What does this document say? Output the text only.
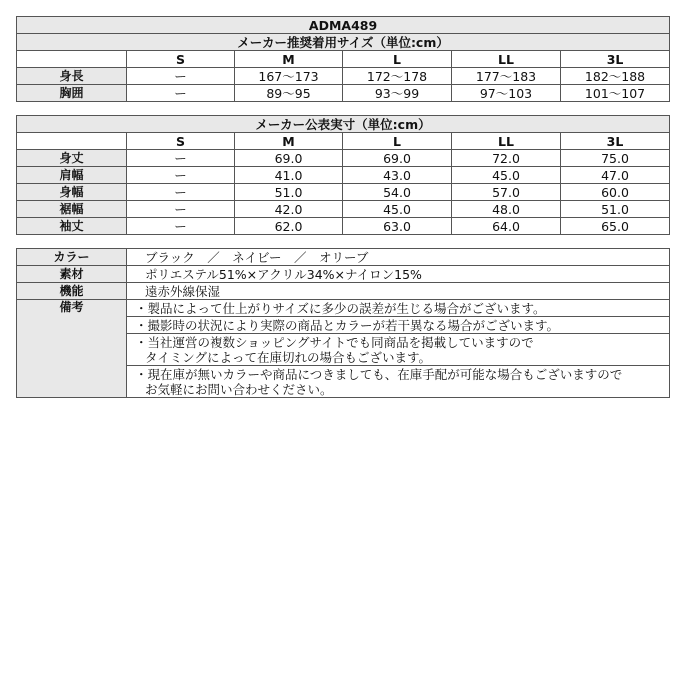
ADMA489					
メーカー推奨着用サイズ（単位:cm）					
	S	M	L	LL	3L
身長	ー	167〜173	172〜178	177〜183	182〜188
胸囲	ー	89〜95	93〜99	97〜103	101〜107
メーカー公表実寸（単位:cm）					
	S	M	L	LL	3L
身丈	ー	69.0	69.0	72.0	75.0
肩幅	ー	41.0	43.0	45.0	47.0
身幅	ー	51.0	54.0	57.0	60.0
裾幅	ー	42.0	45.0	48.0	51.0
袖丈	ー	62.0	63.0	64.0	65.0
カラー	ブラック　／　ネイビー　／　オリーブ
素材	ポリエステル51%×アクリル34%×ナイロン15%
機能	遠赤外線保湿
備考	・製品によって仕上がりサイズに多少の誤差が生じる場合がございます。

	・撮影時の状況により実際の商品とカラーが若干異なる場合がございます。

	・当社運営の複数ショッピングサイトでも同商品を掲載していますので
タイミングによって在庫切れの場合もございます。

	・現在庫が無いカラーや商品につきましても、在庫手配が可能な場合もございますので
お気軽にお問い合わせください。
